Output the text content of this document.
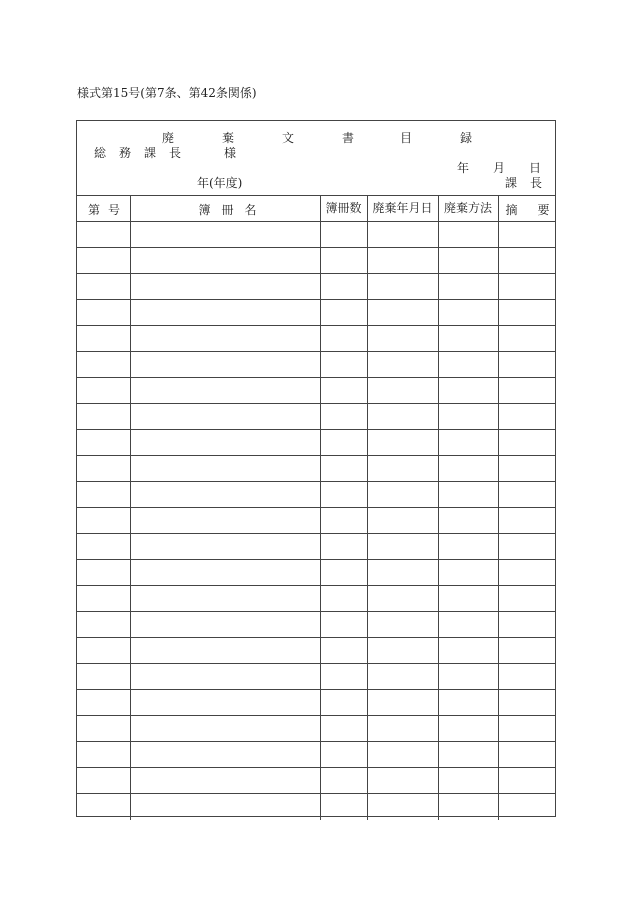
様式第15号(第7条、第42条関係)
廃	棄	文	書	目	録
総 務 課 長	様
年 月 日
年(年度)	課 長
第 号	簿 冊 名	簿冊数	廃棄年月日	廃棄方法	摘 要
